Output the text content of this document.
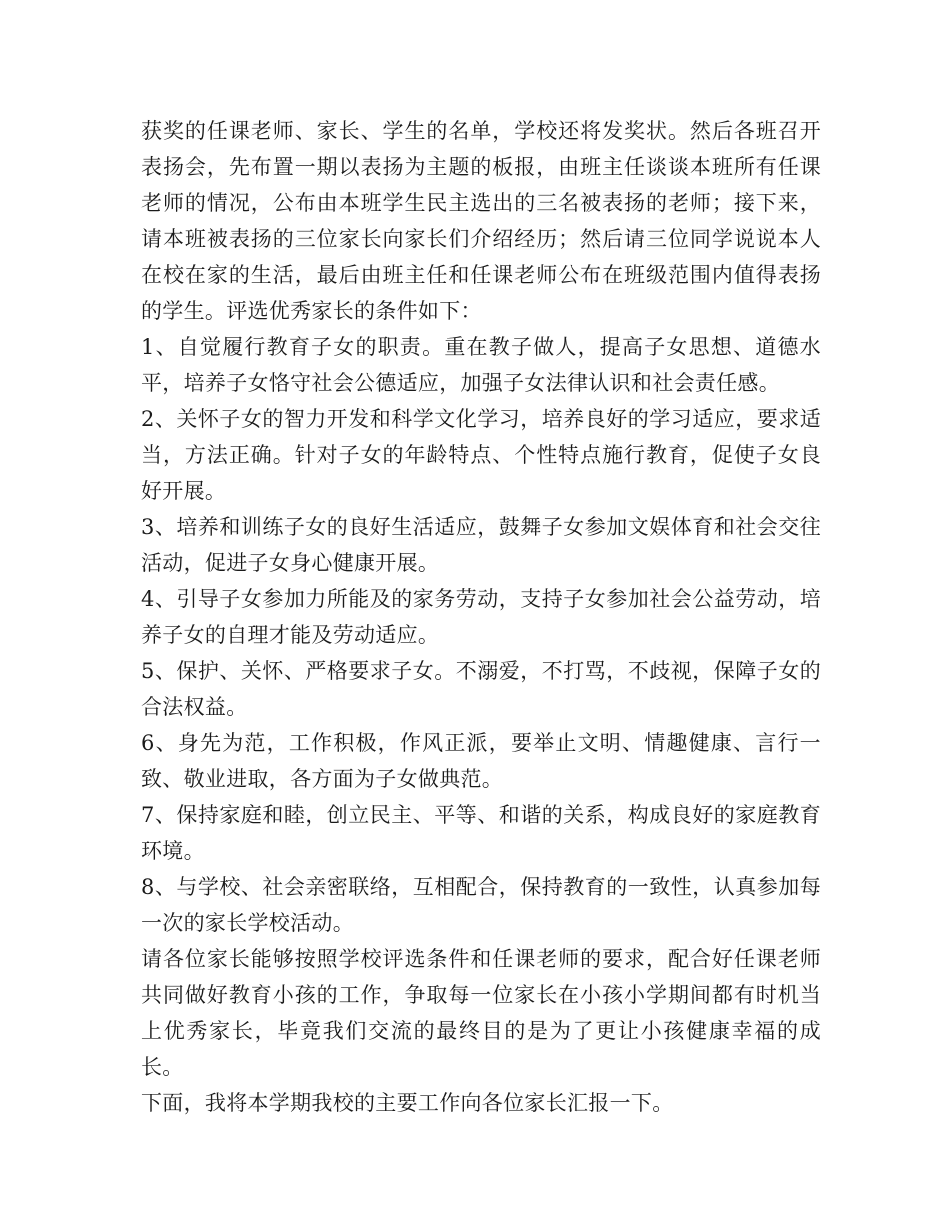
获奖的任课老师、家长、学生的名单，学校还将发奖状。然后各班召开表扬会，先布置一期以表扬为主题的板报，由班主任谈谈本班所有任课老师的情况，公布由本班学生民主选出的三名被表扬的老师；接下来，请本班被表扬的三位家长向家长们介绍经历；然后请三位同学说说本人在校在家的生活，最后由班主任和任课老师公布在班级范围内值得表扬的学生。评选优秀家长的条件如下：

1、自觉履行教育子女的职责。重在教子做人，提高子女思想、道德水平，培养子女恪守社会公德适应，加强子女法律认识和社会责任感。

2、关怀子女的智力开发和科学文化学习，培养良好的学习适应，要求适当，方法正确。针对子女的年龄特点、个性特点施行教育，促使子女良好开展。

3、培养和训练子女的良好生活适应，鼓舞子女参加文娱体育和社会交往活动，促进子女身心健康开展。

4、引导子女参加力所能及的家务劳动，支持子女参加社会公益劳动，培养子女的自理才能及劳动适应。

5、保护、关怀、严格要求子女。不溺爱，不打骂，不歧视，保障子女的合法权益。

6、身先为范，工作积极，作风正派，要举止文明、情趣健康、言行一致、敬业进取，各方面为子女做典范。

7、保持家庭和睦，创立民主、平等、和谐的关系，构成良好的家庭教育环境。

8、与学校、社会亲密联络，互相配合，保持教育的一致性，认真参加每一次的家长学校活动。

请各位家长能够按照学校评选条件和任课老师的要求，配合好任课老师共同做好教育小孩的工作，争取每一位家长在小孩小学期间都有时机当上优秀家长，毕竟我们交流的最终目的是为了更让小孩健康幸福的成长。

下面，我将本学期我校的主要工作向各位家长汇报一下。
